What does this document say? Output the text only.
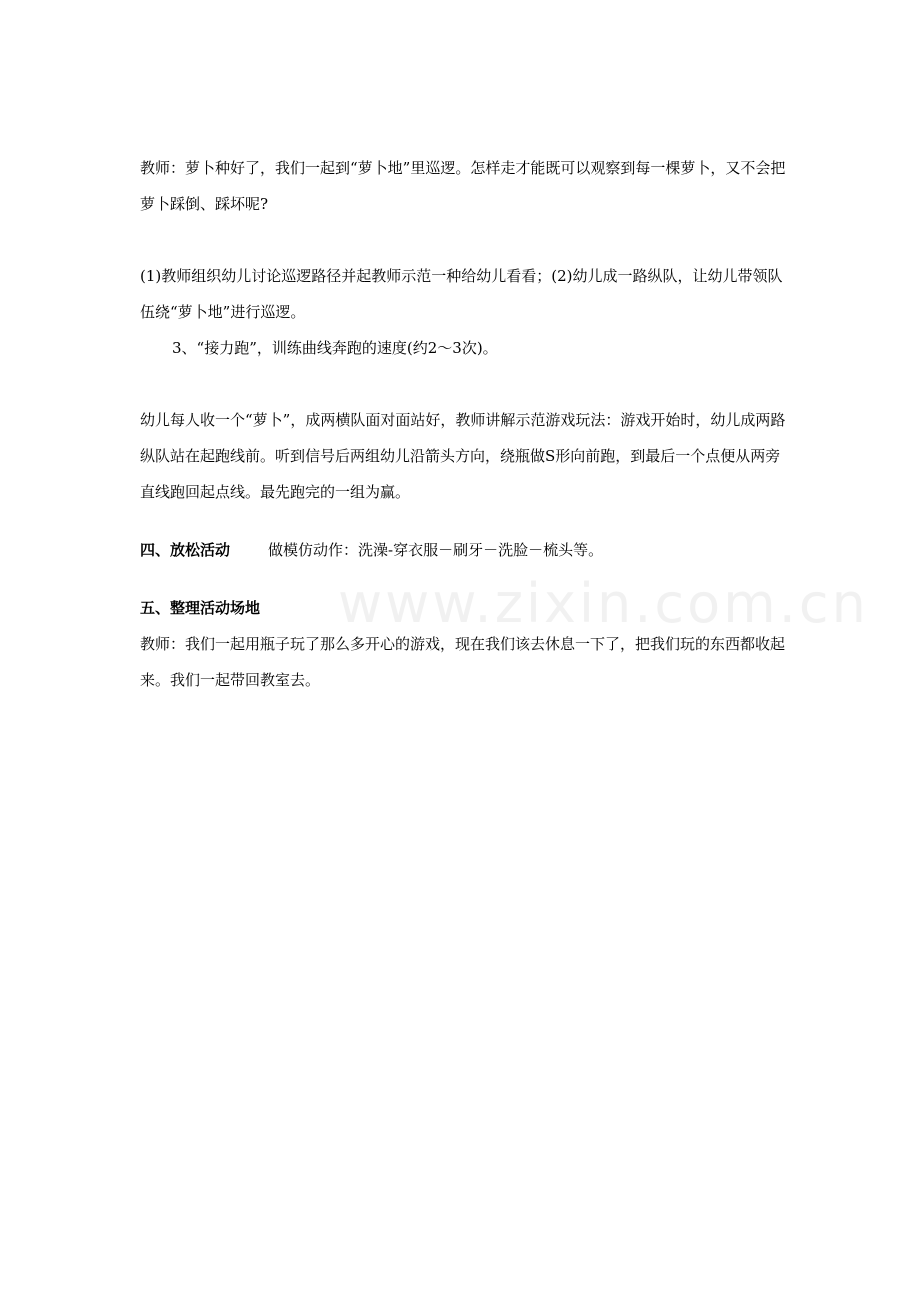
教师：萝卜种好了，我们一起到“萝卜地”里巡逻。怎样走才能既可以观察到每一棵萝卜，又不会把萝卜踩倒、踩坏呢?

(1)教师组织幼儿讨论巡逻路径并起教师示范一种给幼儿看看；(2)幼儿成一路纵队，让幼儿带领队伍绕“萝卜地”进行巡逻。

3、“接力跑”，训练曲线奔跑的速度(约2～3次)。

幼儿每人收一个“萝卜”，成两横队面对面站好，教师讲解示范游戏玩法：游戏开始时，幼儿成两路纵队站在起跑线前。听到信号后两组幼儿沿箭头方向，绕瓶做S形向前跑，到最后一个点便从两旁直线跑回起点线。最先跑完的一组为赢。

四、放松活动	做模仿动作：洗澡-穿衣服－刷牙－洗脸－梳头等。

五、整理活动场地

教师：我们一起用瓶子玩了那么多开心的游戏，现在我们该去休息一下了，把我们玩的东西都收起来。我们一起带回教室去。

www.zixin.com.cn
